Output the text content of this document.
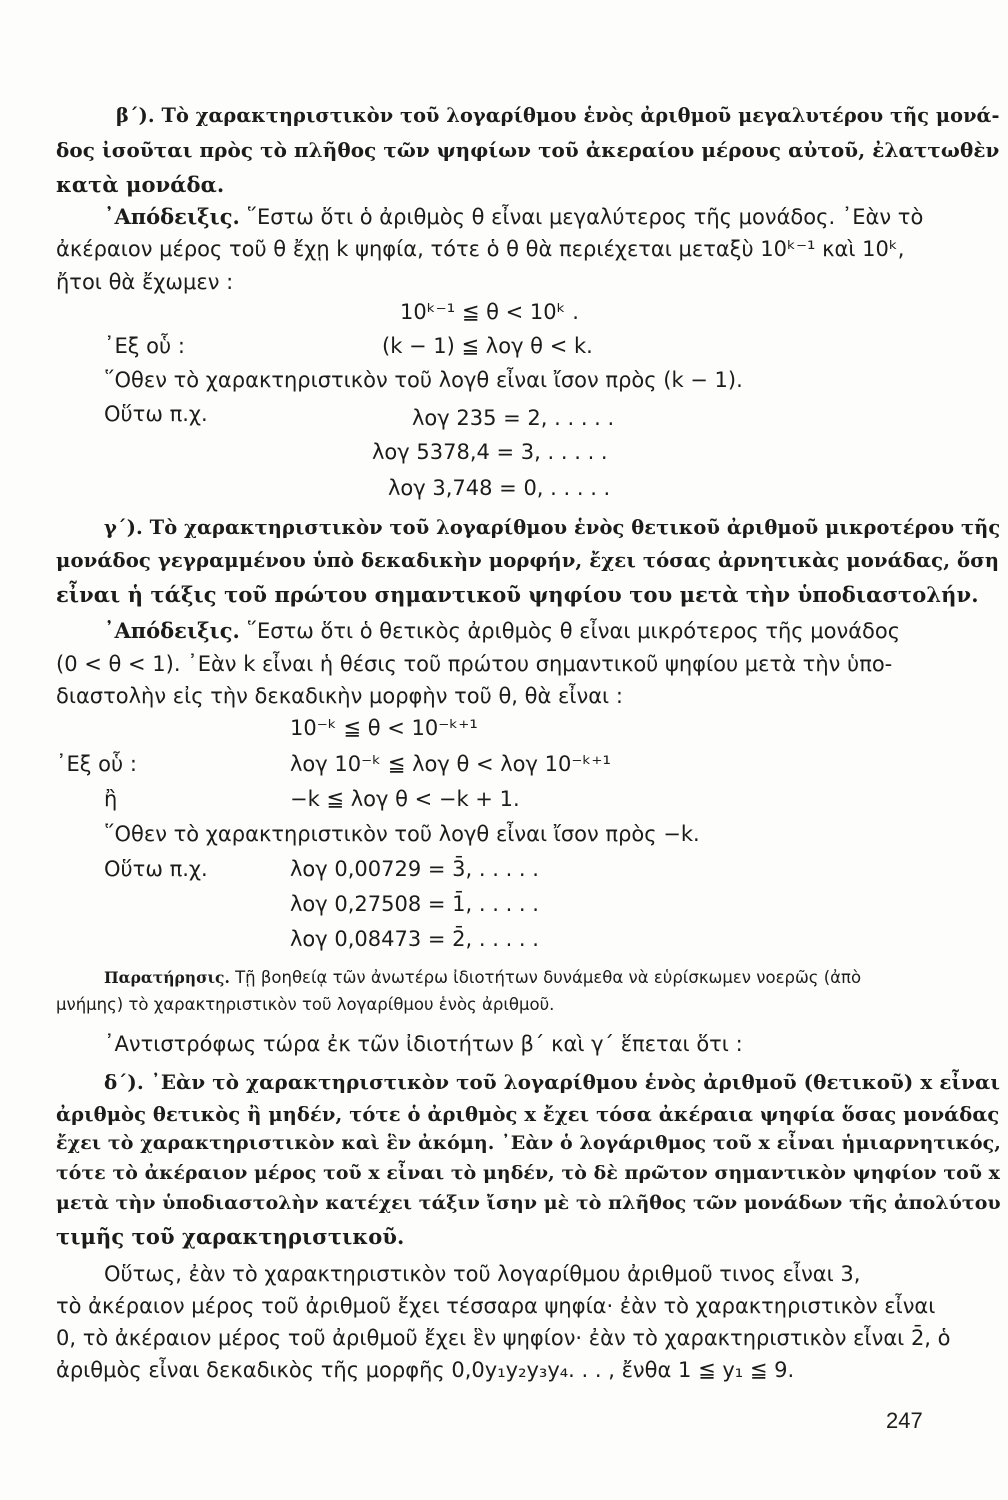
β΄). Τὸ χαρακτηριστικὸν τοῦ λογαρίθμου ἑνὸς ἀριθμοῦ μεγαλυτέρου τῆς μονά-
δος ἰσοῦται πρὸς τὸ πλῆθος τῶν ψηφίων τοῦ ἀκεραίου μέρους αὐτοῦ, ἐλαττωθὲν
κατὰ μονάδα.
᾿Απόδειξις. ῞Εστω ὅτι ὁ ἀριθμὸς θ εἶναι μεγαλύτερος τῆς μονάδος. ᾿Εὰν τὸ
ἀκέραιον μέρος τοῦ θ ἔχῃ k ψηφία, τότε ὁ θ θὰ περιέχεται μεταξὺ 10ᵏ⁻¹ καὶ 10ᵏ,
ἤτοι θὰ ἔχωμεν :
10ᵏ⁻¹ ≦ θ < 10ᵏ .
᾿Εξ οὗ :	(k − 1) ≦ λογ θ < k.
῞Οθεν τὸ χαρακτηριστικὸν τοῦ λογθ εἶναι ἴσον πρὸς (k − 1).
Οὕτω π.χ.	λογ 235 = 2, . . . . .
λογ 5378,4 = 3, . . . . .
λογ 3,748 = 0, . . . . .
γ΄). Τὸ χαρακτηριστικὸν τοῦ λογαρίθμου ἑνὸς θετικοῦ ἀριθμοῦ μικροτέρου τῆς
μονάδος γεγραμμένου ὑπὸ δεκαδικὴν μορφήν, ἔχει τόσας ἀρνητικὰς μονάδας, ὅση
εἶναι ἡ τάξις τοῦ πρώτου σημαντικοῦ ψηφίου του μετὰ τὴν ὑποδιαστολήν.
᾿Απόδειξις. ῞Εστω ὅτι ὁ θετικὸς ἀριθμὸς θ εἶναι μικρότερος τῆς μονάδος
(0 < θ < 1). ᾿Εὰν k εἶναι ἡ θέσις τοῦ πρώτου σημαντικοῦ ψηφίου μετὰ τὴν ὑπο-
διαστολὴν εἰς τὴν δεκαδικὴν μορφὴν τοῦ θ, θὰ εἶναι :
10⁻ᵏ ≦ θ < 10⁻ᵏ⁺¹
᾿Εξ οὗ :	λογ 10⁻ᵏ ≦ λογ θ < λογ 10⁻ᵏ⁺¹
ἢ	−k ≦ λογ θ < −k + 1.
῞Οθεν τὸ χαρακτηριστικὸν τοῦ λογθ εἶναι ἴσον πρὸς −k.
Οὕτω π.χ.	λογ 0,00729 = 3̄, . . . . .
λογ 0,27508 = 1̄, . . . . .
λογ 0,08473 = 2̄, . . . . .
Παρατήρησις. Τῇ βοηθείᾳ τῶν ἀνωτέρω ἰδιοτήτων δυνάμεθα νὰ εὑρίσκωμεν νοερῶς (ἀπὸ
μνήμης) τὸ χαρακτηριστικὸν τοῦ λογαρίθμου ἑνὸς ἀριθμοῦ.
᾿Αντιστρόφως τώρα ἐκ τῶν ἰδιοτήτων β΄ καὶ γ΄ ἕπεται ὅτι :
δ΄). ᾿Εὰν τὸ χαρακτηριστικὸν τοῦ λογαρίθμου ἑνὸς ἀριθμοῦ (θετικοῦ) x εἶναι
ἀριθμὸς θετικὸς ἢ μηδέν, τότε ὁ ἀριθμὸς x ἔχει τόσα ἀκέραια ψηφία ὅσας μονάδας
ἔχει τὸ χαρακτηριστικὸν καὶ ἓν ἀκόμη. ᾿Εὰν ὁ λογάριθμος τοῦ x εἶναι ἡμιαρνητικός,
τότε τὸ ἀκέραιον μέρος τοῦ x εἶναι τὸ μηδέν, τὸ δὲ πρῶτον σημαντικὸν ψηφίον τοῦ x
μετὰ τὴν ὑποδιαστολὴν κατέχει τάξιν ἴσην μὲ τὸ πλῆθος τῶν μονάδων τῆς ἀπολύτου
τιμῆς τοῦ χαρακτηριστικοῦ.
Οὕτως, ἐὰν τὸ χαρακτηριστικὸν τοῦ λογαρίθμου ἀριθμοῦ τινος εἶναι 3,
τὸ ἀκέραιον μέρος τοῦ ἀριθμοῦ ἔχει τέσσαρα ψηφία· ἐὰν τὸ χαρακτηριστικὸν εἶναι
0, τὸ ἀκέραιον μέρος τοῦ ἀριθμοῦ ἔχει ἓν ψηφίον· ἐὰν τὸ χαρακτηριστικὸν εἶναι 2̄, ὁ
ἀριθμὸς εἶναι δεκαδικὸς τῆς μορφῆς 0,0y₁y₂y₃y₄. . . , ἔνθα 1 ≦ y₁ ≦ 9.
247
